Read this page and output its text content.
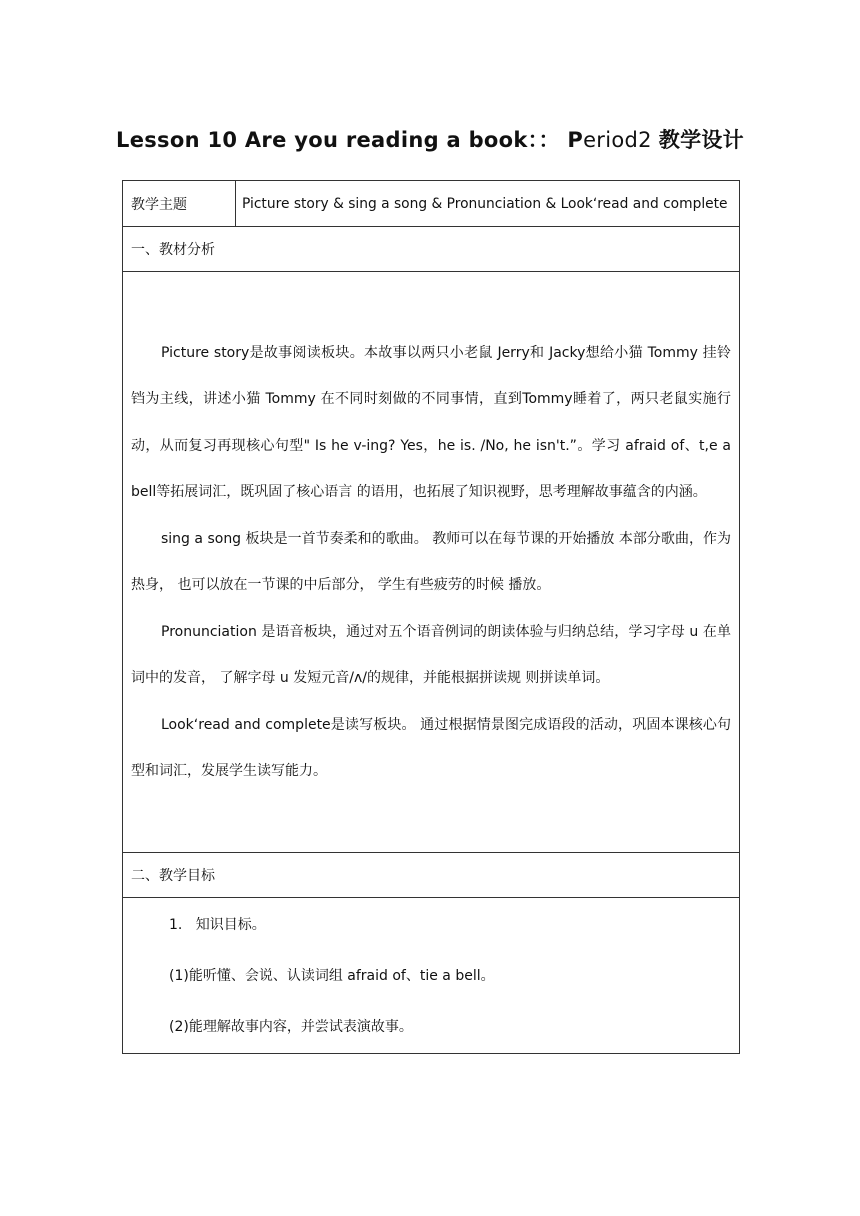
Lesson 10 Are you reading a book：： Period2 教学设计
教学主题	Picture story & sing a song & Pronunciation & Lookʻread and complete
一、教材分析

Picture story是故事阅读板块。本故事以两只小老鼠 Jerry和 Jacky想给小猫 Tommy 挂铃铛为主线，讲述小猫 Tommy 在不同时刻做的不同事情，直到Tommy睡着了，两只老鼠实施行动，从而复习再现核心句型" Is he v-ing? Yes，he is. /No, he isn't.”。学习 afraid of、t,e a bell等拓展词汇，既巩固了核心语言 的语用，也拓展了知识视野，思考理解故事蕴含的内涵。

sing a song 板块是一首节奏柔和的歌曲。 教师可以在每节课的开始播放 本部分歌曲，作为热身， 也可以放在一节课的中后部分， 学生有些疲劳的时候 播放。

Pronunciation 是语音板块，通过对五个语音例词的朗读体验与归纳总结，学习字母 u 在单词中的发音， 了解字母 u 发短元音/ʌ/的规律，并能根据拼读规 则拼读单词。

Lookʻread and complete是读写板块。 通过根据情景图完成语段的活动，巩固本课核心句型和词汇，发展学生读写能力。

二、教学目标

1.   知识目标。

(1)能听懂、会说、认读词组 afraid of、tie a bell。

(2)能理解故事内容，并尝试表演故事。
